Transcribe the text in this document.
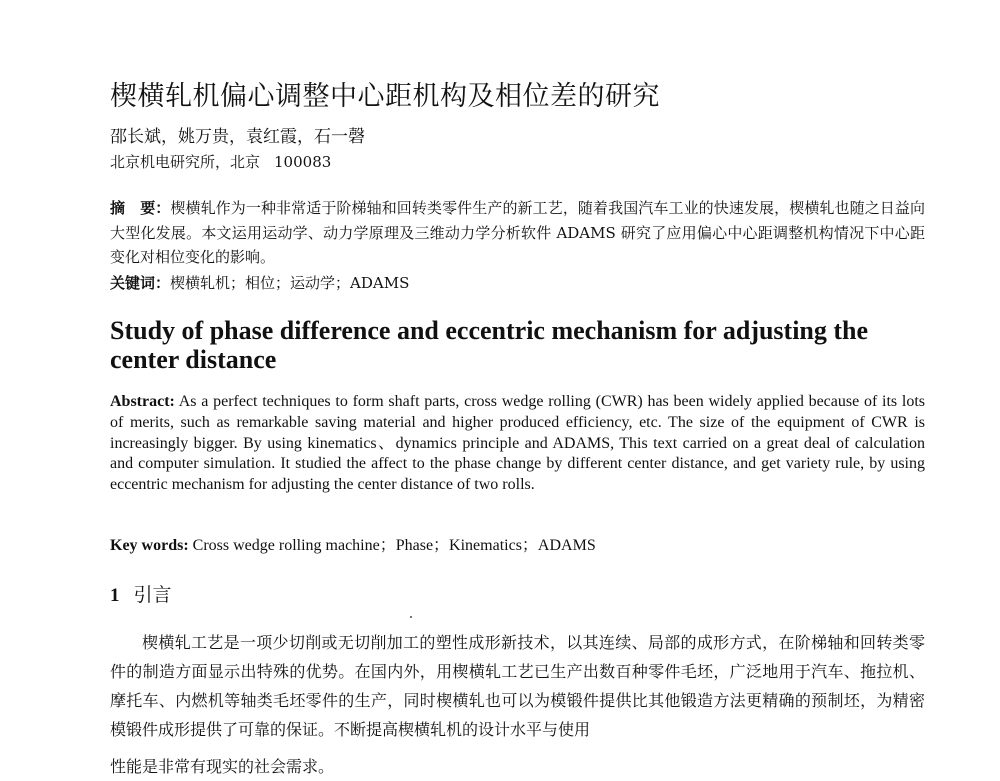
楔横轧机偏心调整中心距机构及相位差的研究
邵长斌，姚万贵，袁红霞，石一磬
北京机电研究所，北京 100083
摘　要：楔横轧作为一种非常适于阶梯轴和回转类零件生产的新工艺，随着我国汽车工业的快速发展，楔横轧也随之日益向大型化发展。本文运用运动学、动力学原理及三维动力学分析软件 ADAMS 研究了应用偏心中心距调整机构情况下中心距变化对相位变化的影响。
关键词：楔横轧机；相位；运动学；ADAMS
Study of phase difference and eccentric mechanism for adjusting the center distance
Abstract: As a perfect techniques to form shaft parts, cross wedge rolling (CWR) has been widely applied because of its lots of merits, such as remarkable saving material and higher produced efficiency, etc. The size of the equipment of CWR is increasingly bigger. By using kinematics、dynamics principle and ADAMS, This text carried on a great deal of calculation and computer simulation. It studied the affect to the phase change by different center distance, and get variety rule, by using eccentric mechanism for adjusting the center distance of two rolls.
Key words: Cross wedge rolling machine；Phase；Kinematics；ADAMS
1 引言
楔横轧工艺是一项少切削或无切削加工的塑性成形新技术，以其连续、局部的成形方式，在阶梯轴和回转类零件的制造方面显示出特殊的优势。在国内外，用楔横轧工艺已生产出数百种零件毛坯，广泛地用于汽车、拖拉机、摩托车、内燃机等轴类毛坯零件的生产，同时楔横轧也可以为模锻件提供比其他锻造方法更精确的预制坯，为精密模锻件成形提供了可靠的保证。不断提高楔横轧机的设计水平与使用
性能是非常有现实的社会需求。
